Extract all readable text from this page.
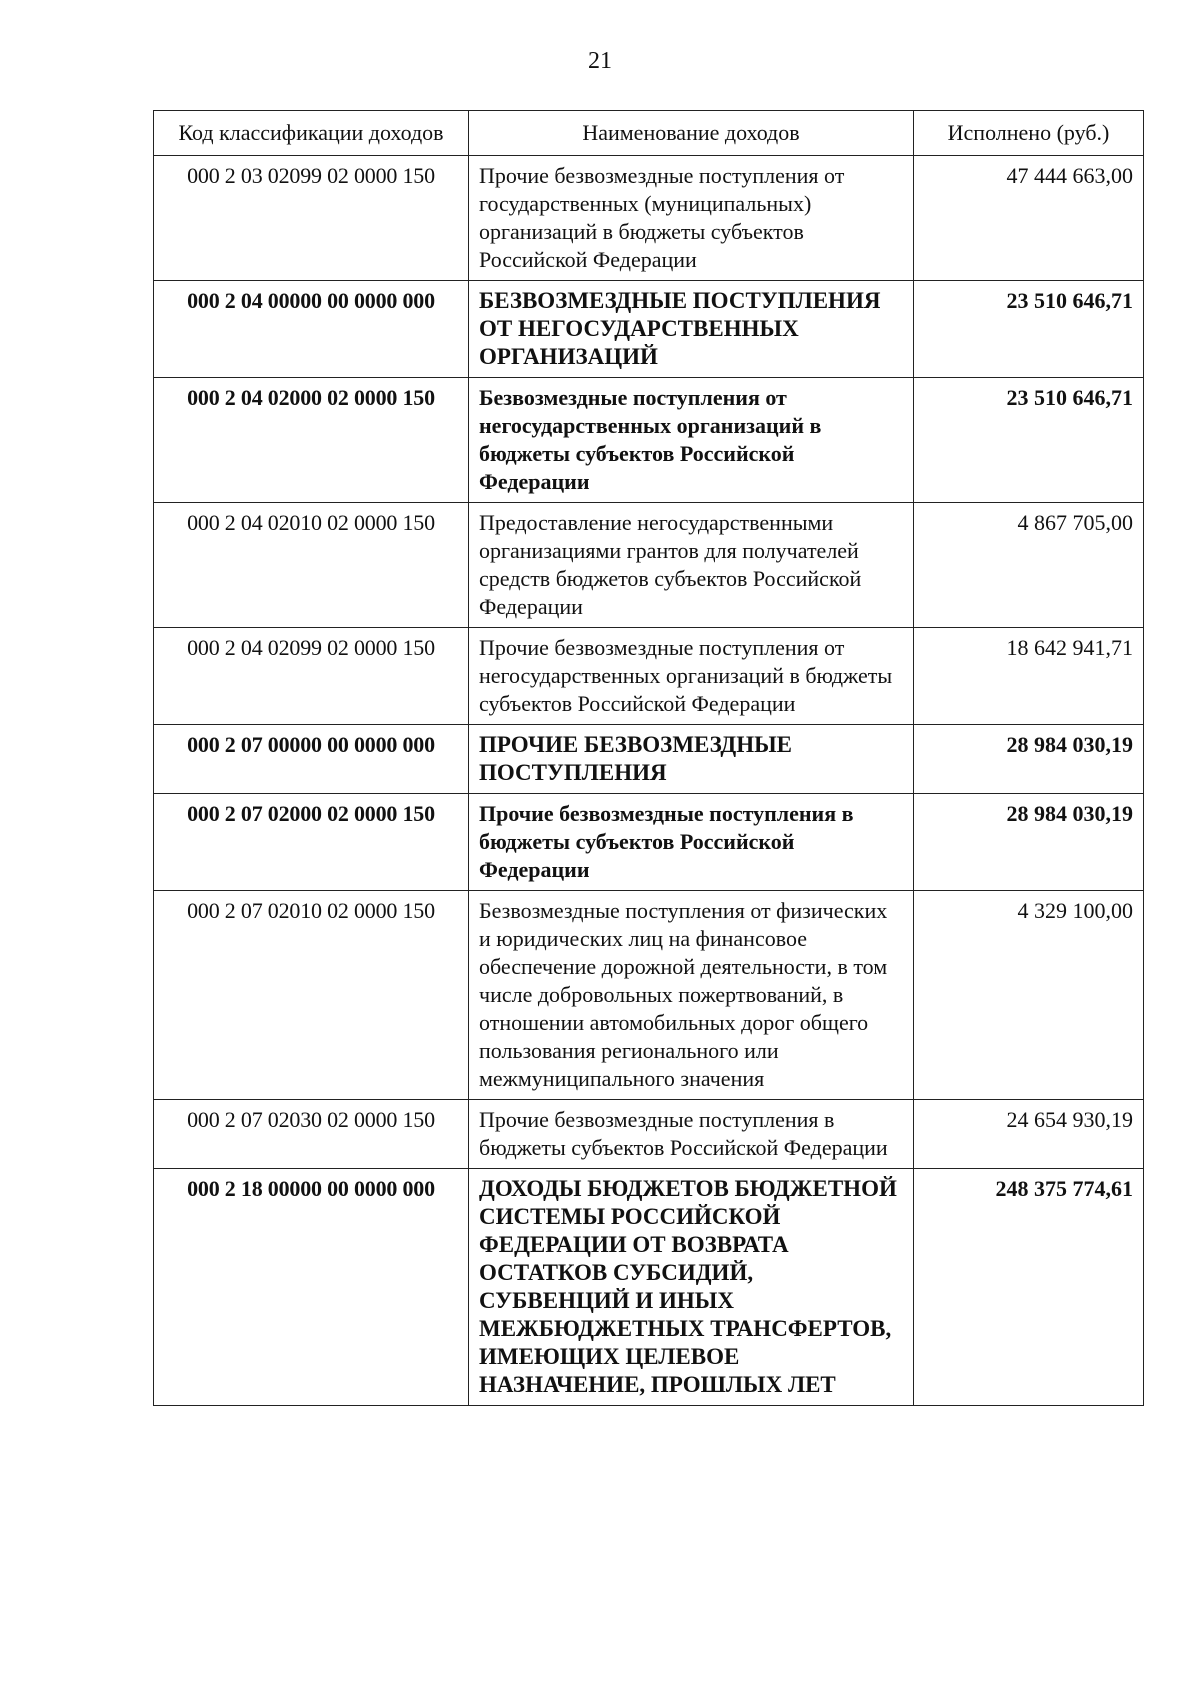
21
Код классификации доходов	Наименование доходов	Исполнено (руб.)
000 2 03 02099 02 0000 150	Прочие безвозмездные поступления от государственных (муниципальных) организаций в бюджеты субъектов Российской Федерации	47 444 663,00
000 2 04 00000 00 0000 000	БЕЗВОЗМЕЗДНЫЕ ПОСТУПЛЕНИЯ ОТ НЕГОСУДАРСТВЕННЫХ ОРГАНИЗАЦИЙ	23 510 646,71
000 2 04 02000 02 0000 150	Безвозмездные поступления от негосударственных организаций в бюджеты субъектов Российской Федерации	23 510 646,71
000 2 04 02010 02 0000 150	Предоставление негосударственными организациями грантов для получателей средств бюджетов субъектов Российской Федерации	4 867 705,00
000 2 04 02099 02 0000 150	Прочие безвозмездные поступления от негосударственных организаций в бюджеты субъектов Российской Федерации	18 642 941,71
000 2 07 00000 00 0000 000	ПРОЧИЕ БЕЗВОЗМЕЗДНЫЕ ПОСТУПЛЕНИЯ	28 984 030,19
000 2 07 02000 02 0000 150	Прочие безвозмездные поступления в бюджеты субъектов Российской Федерации	28 984 030,19
000 2 07 02010 02 0000 150	Безвозмездные поступления от физических и юридических лиц на финансовое обеспечение дорожной деятельности, в том числе добровольных пожертвований, в отношении автомобильных дорог общего пользования регионального или межмуниципального значения	4 329 100,00
000 2 07 02030 02 0000 150	Прочие безвозмездные поступления в бюджеты субъектов Российской Федерации	24 654 930,19
000 2 18 00000 00 0000 000	ДОХОДЫ БЮДЖЕТОВ БЮДЖЕТНОЙ СИСТЕМЫ РОССИЙСКОЙ ФЕДЕРАЦИИ ОТ ВОЗВРАТА ОСТАТКОВ СУБСИДИЙ, СУБВЕНЦИЙ И ИНЫХ МЕЖБЮДЖЕТНЫХ ТРАНСФЕРТОВ, ИМЕЮЩИХ ЦЕЛЕВОЕ НАЗНАЧЕНИЕ, ПРОШЛЫХ ЛЕТ	248 375 774,61
